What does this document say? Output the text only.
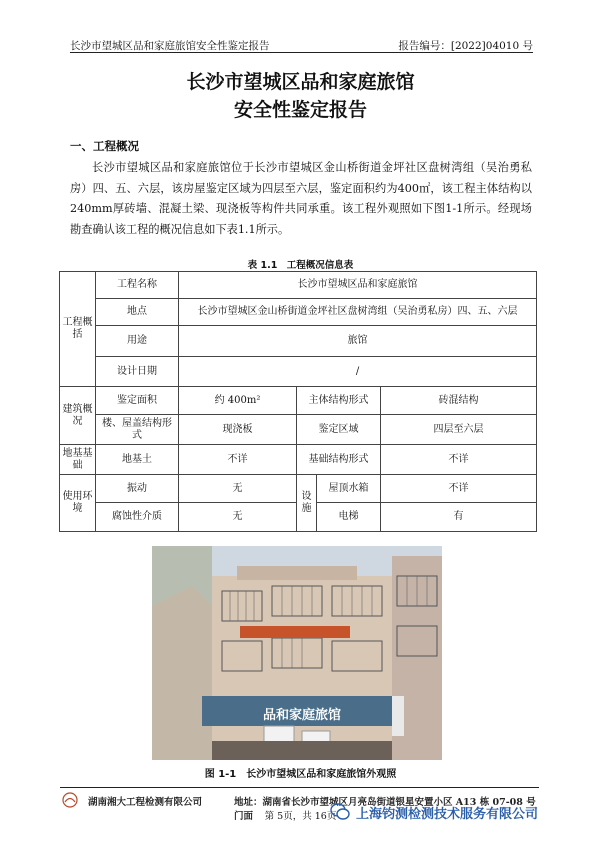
长沙市望城区品和家庭旅馆安全性鉴定报告	报告编号：[2022]04010 号
长沙市望城区品和家庭旅馆
安全性鉴定报告
一、工程概况

长沙市望城区品和家庭旅馆位于长沙市望城区金山桥街道金坪社区盘树湾组（吴治勇私房）四、五、六层，该房屋鉴定区域为四层至六层，鉴定面积约为400㎡，该工程主体结构以240mm厚砖墙、混凝土梁、现浇板等构件共同承重。该工程外观照如下图1-1所示。经现场勘查确认该工程的概况信息如下表1.1所示。

表 1.1　工程概况信息表
工程概括	工程名称	长沙市望城区品和家庭旅馆			
	地点	长沙市望城区金山桥街道金坪社区盘树湾组（吴治勇私房）四、五、六层			
	用途	旅馆			
	设计日期	/			
建筑概况	鉴定面积	约 400m²	主体结构形式		砖混结构
	楼、屋盖结构形式	现浇板	鉴定区域		四层至六层
地基基础	地基土	不详	基础结构形式		不详
使用环境	振动	无	设施	屋顶水箱	不详
	腐蚀性介质	无		电梯	有
品和家庭旅馆
图 1-1　长沙市望城区品和家庭旅馆外观照
湖南湘大工程检测有限公司	地址：湖南省长沙市望城区月亮岛街道银星安置小区 A13 栋 07-08 号门面	第 5页，共 16页	上海钧测检测技术服务有限公司
